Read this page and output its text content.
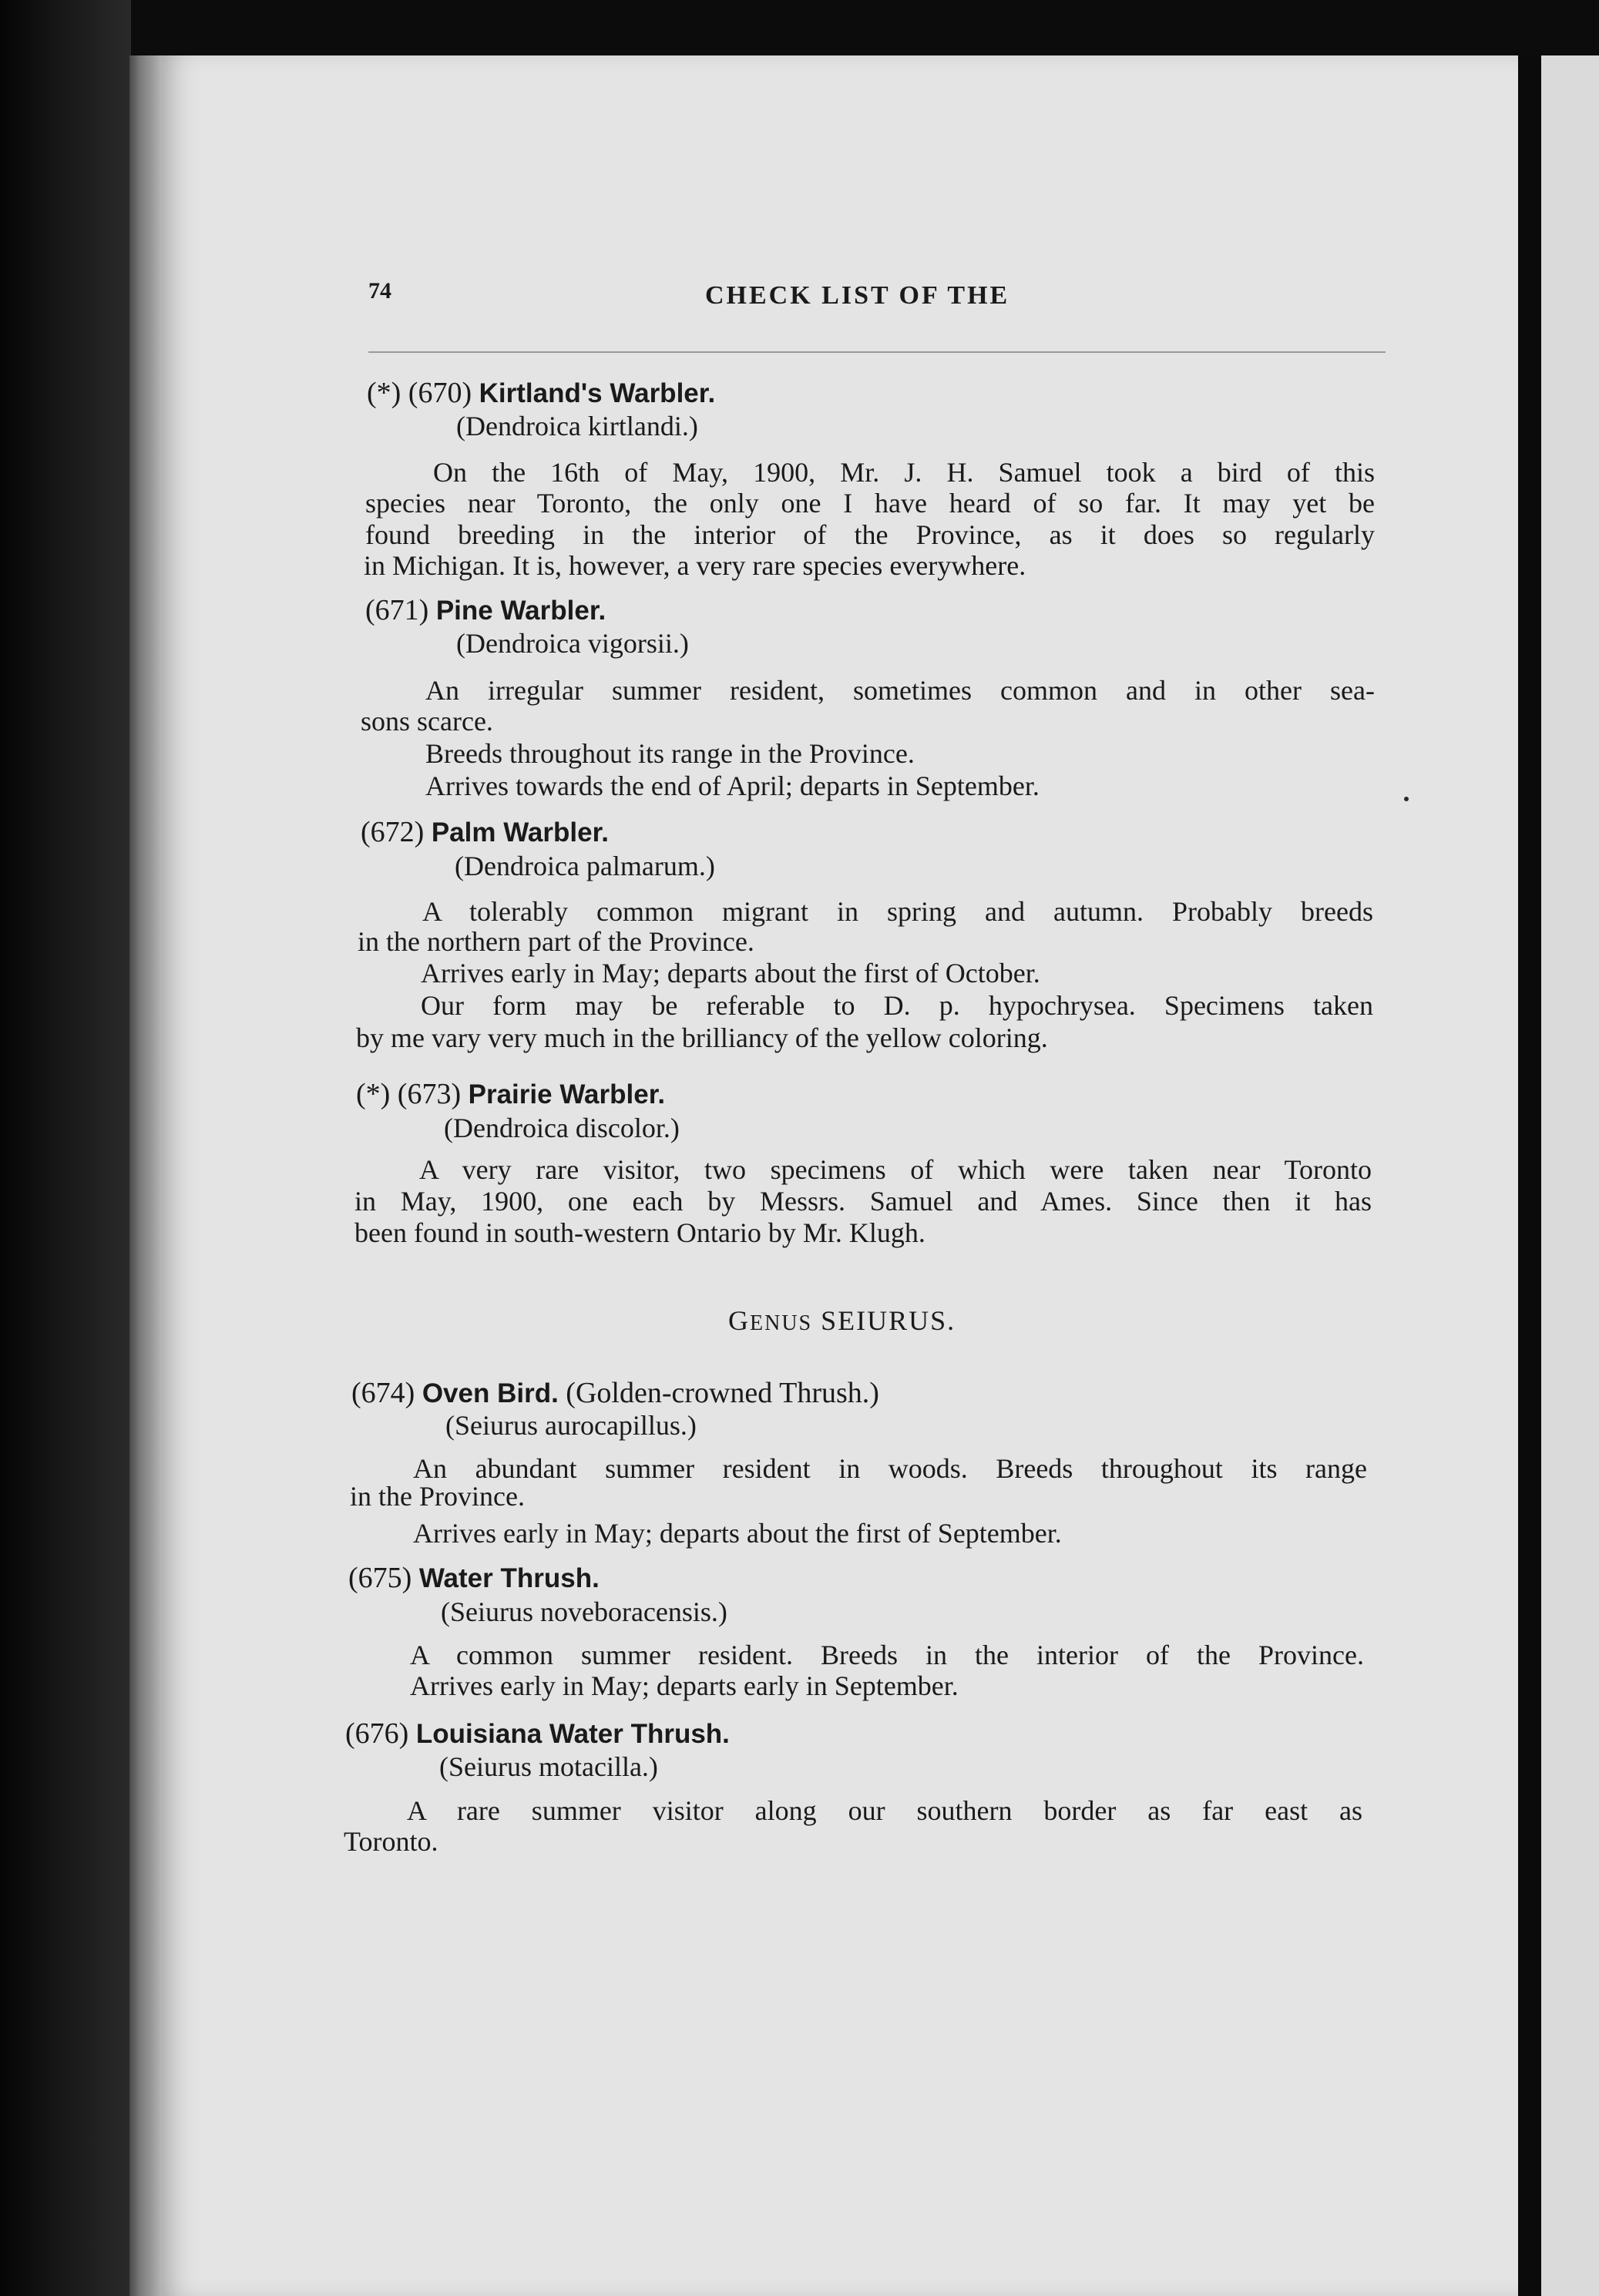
74	CHECK LIST OF THE
(*) (670) Kirtland's Warbler.
(Dendroica kirtlandi.)
On the 16th of May, 1900, Mr. J. H. Samuel took a bird of this
species near Toronto, the only one I have heard of so far. It may yet be
found breeding in the interior of the Province, as it does so regularly
in Michigan. It is, however, a very rare species everywhere.
(671) Pine Warbler.
(Dendroica vigorsii.)
An irregular summer resident, sometimes common and in other sea-
sons scarce.
Breeds throughout its range in the Province.
Arrives towards the end of April; departs in September.
(672) Palm Warbler.
(Dendroica palmarum.)
A tolerably common migrant in spring and autumn. Probably breeds
in the northern part of the Province.
Arrives early in May; departs about the first of October.
Our form may be referable to D. p. hypochrysea. Specimens taken
by me vary very much in the brilliancy of the yellow coloring.
(*) (673) Prairie Warbler.
(Dendroica discolor.)
A very rare visitor, two specimens of which were taken near Toronto
in May, 1900, one each by Messrs. Samuel and Ames. Since then it has
been found in south-western Ontario by Mr. Klugh.
GENUS SEIURUS.
(674) Oven Bird. (Golden-crowned Thrush.)
(Seiurus aurocapillus.)
An abundant summer resident in woods. Breeds throughout its range
in the Province.
Arrives early in May; departs about the first of September.
(675) Water Thrush.
(Seiurus noveboracensis.)
A common summer resident. Breeds in the interior of the Province.
Arrives early in May; departs early in September.
(676) Louisiana Water Thrush.
(Seiurus motacilla.)
A rare summer visitor along our southern border as far east as
Toronto.
